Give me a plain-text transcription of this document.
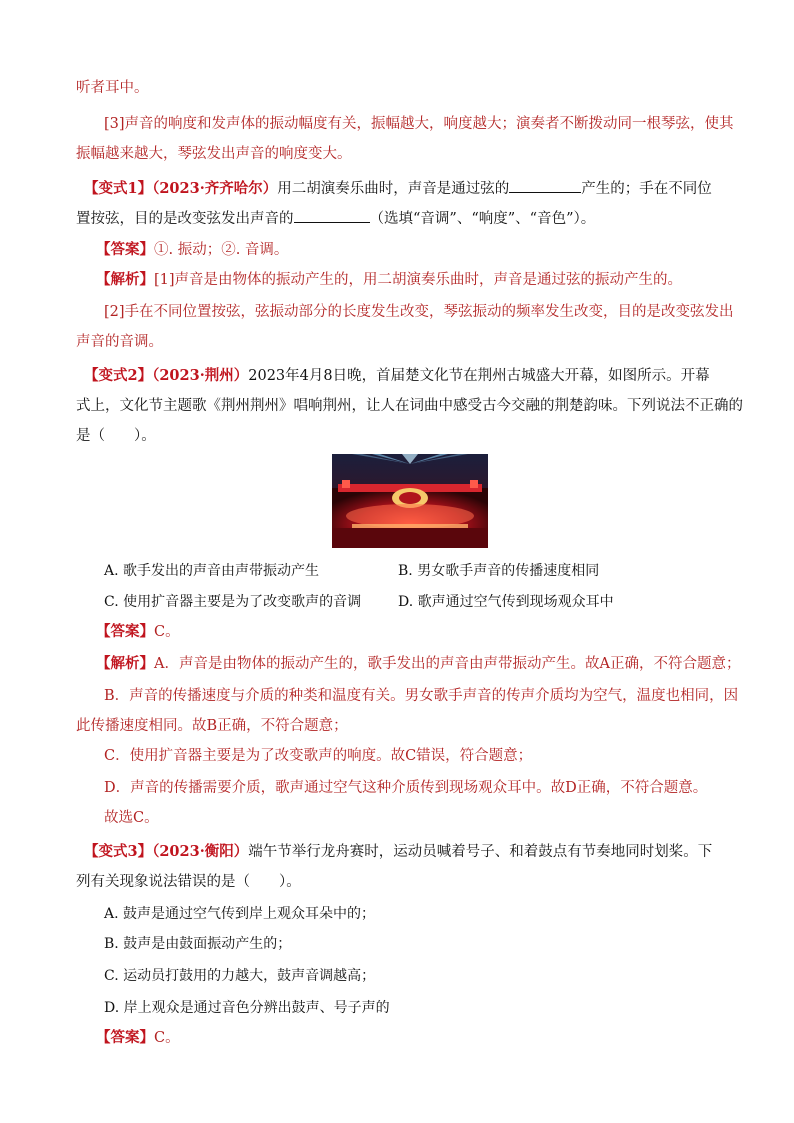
听者耳中。
[3]声音的响度和发声体的振动幅度有关，振幅越大，响度越大；演奏者不断拨动同一根琴弦，使其
振幅越来越大，琴弦发出声音的响度变大。
【变式1】（2023·齐齐哈尔）用二胡演奏乐曲时，声音是通过弦的	产生的；手在不同位
置按弦，目的是改变弦发出声音的	（选填“音调”、“响度”、“音色”）。
【答案】①. 振动；②. 音调。
【解析】[1]声音是由物体的振动产生的，用二胡演奏乐曲时，声音是通过弦的振动产生的。
[2]手在不同位置按弦，弦振动部分的长度发生改变，琴弦振动的频率发生改变，目的是改变弦发出
声音的音调。
【变式2】（2023·荆州）2023年4月8日晚，首届楚文化节在荆州古城盛大开幕，如图所示。开幕
式上，文化节主题歌《荆州荆州》唱响荆州，让人在词曲中感受古今交融的荆楚韵味。下列说法不正确的
是（　　）。
A. 歌手发出的声音由声带振动产生	B. 男女歌手声音的传播速度相同
C. 使用扩音器主要是为了改变歌声的音调	D. 歌声通过空气传到现场观众耳中
【答案】C。
【解析】A．声音是由物体的振动产生的，歌手发出的声音由声带振动产生。故A正确，不符合题意；
B．声音的传播速度与介质的种类和温度有关。男女歌手声音的传声介质均为空气，温度也相同，因
此传播速度相同。故B正确，不符合题意；
C．使用扩音器主要是为了改变歌声的响度。故C错误，符合题意；
D．声音的传播需要介质，歌声通过空气这种介质传到现场观众耳中。故D正确，不符合题意。
故选C。
【变式3】（2023·衡阳）端午节举行龙舟赛时，运动员喊着号子、和着鼓点有节奏地同时划桨。下
列有关现象说法错误的是（　　）。
A. 鼓声是通过空气传到岸上观众耳朵中的；
B. 鼓声是由鼓面振动产生的；
C. 运动员打鼓用的力越大，鼓声音调越高；
D. 岸上观众是通过音色分辨出鼓声、号子声的
【答案】C。
